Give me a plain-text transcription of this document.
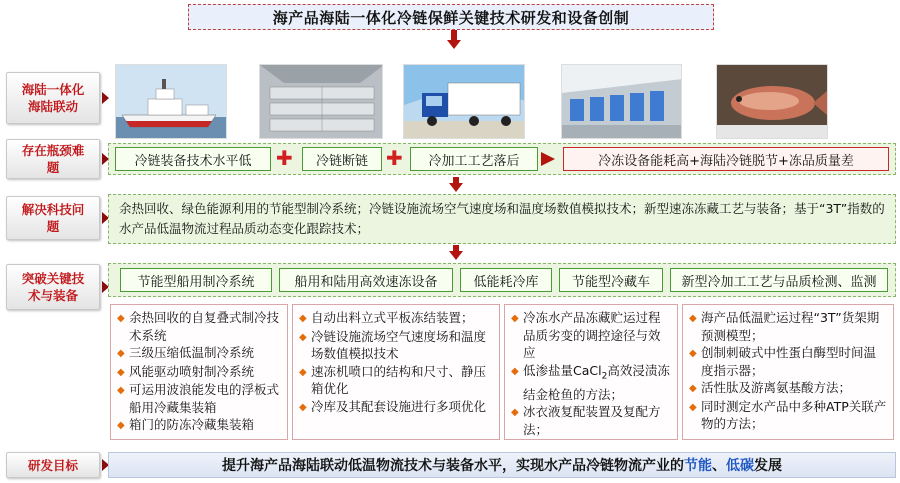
海产品海陆一体化冷链保鲜关键技术研发和设备创制
海陆一体化海陆联动
存在瓶颈难题	冷链装备技术水平低 ✚ 冷链断链 ✚ 冷加工工艺落后	冷冻设备能耗高+海陆冷链脱节+冻品质量差
解决科技问题
余热回收、绿色能源利用的节能型制冷系统；冷链设施流场空气速度场和温度场数值模拟技术；新型速冻冻藏工艺与装备；基于“3T”指数的水产品低温物流过程品质动态变化跟踪技术；
突破关键技术与装备
节能型船用制冷系统	船用和陆用高效速冻设备	低能耗冷库	节能型冷藏车 新型冷加工工艺与品质检测、监测
◆ 余热回收的自复叠式制冷技术系统
◆ 三级压缩低温制冷系统
◆ 风能驱动喷射制冷系统
◆ 可运用波浪能发电的浮板式船用冷藏集装箱
◆ 箱门的防冻冷藏集装箱
◆ 自动出料立式平板冻结装置；
◆ 冷链设施流场空气速度场和温度场数值模拟技术
◆ 速冻机喷口的结构和尺寸、静压箱优化
◆ 冷库及其配套设施进行多项优化
◆ 冷冻水产品冻藏贮运过程品质劣变的调控途径与效应
◆ 低渗盐量CaCl$_2$高效浸渍冻结金枪鱼的方法；
◆ 冰衣液复配装置及复配方法；
◆ 海产品低温贮运过程“3T”货架期预测模型；
◆ 创制刺破式中性蛋白酶型时间温度指示器；
◆ 活性肽及游离氨基酸方法；
◆ 同时测定水产品中多种ATP关联产物的方法；
研发目标	提升海产品海陆联动低温物流技术与装备水平，实现水产品冷链物流产业的 节能 、 低碳 发展
